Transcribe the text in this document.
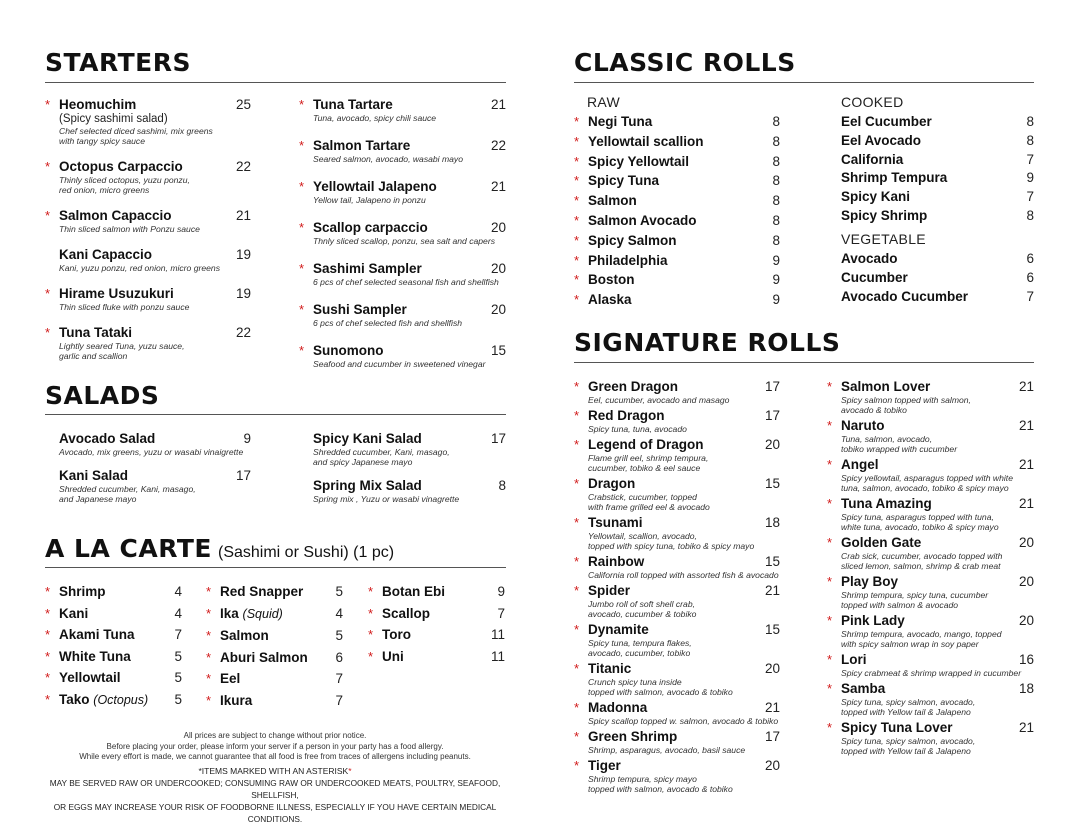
STARTERS
* Heomuchim	25
(Spicy sashimi salad)
Chef selected diced sashimi, mix greens
with tangy spicy sauce
* Octopus Carpaccio	22
Thinly sliced octopus, yuzu ponzu,
red onion, micro greens
* Salmon Capaccio	21
Thin sliced salmon with Ponzu sauce
Kani Capaccio	19
Kani, yuzu ponzu, red onion, micro greens
* Hirame Usuzukuri	19
Thin sliced fluke with ponzu sauce
* Tuna Tataki	22
Lightly seared Tuna, yuzu sauce,
garlic and scallion
* Tuna Tartare	21
Tuna, avocado, spicy chili sauce
* Salmon Tartare	22
Seared salmon, avocado, wasabi mayo
* Yellowtail Jalapeno	21
Yellow tail, Jalapeno in ponzu
* Scallop carpaccio	20
Thnly sliced scallop, ponzu, sea salt and capers
* Sashimi Sampler	20
6 pcs of chef selected seasonal fish and shellfish
* Sushi Sampler	20
6 pcs of chef selected fish and shellfish
* Sunomono	15
Seafood and cucumber in sweetened vinegar
SALADS
Avocado Salad	9
Avocado, mix greens, yuzu or wasabi vinaigrette
Kani Salad	17
Shredded cucumber, Kani, masago,
and Japanese mayo
Spicy Kani Salad	17
Shredded cucumber, Kani, masago,
and spicy Japanese mayo
Spring Mix Salad	8
Spring mix , Yuzu or wasabi vinagrette
A LA CARTE (Sashimi or Sushi) (1 pc)
* Shrimp	4
* Kani	4
* Akami Tuna	7
* White Tuna	5
* Yellowtail	5
* Tako (Octopus)	5
* Red Snapper	5
* Ika (Squid)	4
* Salmon	5
* Aburi Salmon	6
* Eel	7
* Ikura	7
* Botan Ebi	9
* Scallop	7
* Toro	11
* Uni	11
All prices are subject to change without prior notice.
Before placing your order, please inform your server if a person in your party has a food allergy.
While every effort is made, we cannot guarantee that all food is free from traces of allergens including peanuts.
*ITEMS MARKED WITH AN ASTERISK*
MAY BE SERVED RAW OR UNDERCOOKED; CONSUMING RAW OR UNDERCOOKED MEATS, POULTRY, SEAFOOD, SHELLFISH,
OR EGGS MAY INCREASE YOUR RISK OF FOODBORNE ILLNESS, ESPECIALLY IF YOU HAVE CERTAIN MEDICAL CONDITIONS.
CLASSIC ROLLS
RAW
* Negi Tuna	8
* Yellowtail scallion	8
* Spicy Yellowtail	8
* Spicy Tuna	8
* Salmon	8
* Salmon Avocado	8
* Spicy Salmon	8
* Philadelphia	9
* Boston	9
* Alaska	9
COOKED
Eel Cucumber	8
Eel Avocado	8
California	7
Shrimp Tempura	9
Spicy Kani	7
Spicy Shrimp	8
VEGETABLE
Avocado	6
Cucumber	6
Avocado Cucumber	7
SIGNATURE ROLLS
* Green Dragon	17
Eel, cucumber, avocado and masago
* Red Dragon	17
Spicy tuna, tuna, avocado
* Legend of Dragon	20
Flame grill eel, shrimp tempura,
cucumber, tobiko & eel sauce
* Dragon	15
Crabstick, cucumber, topped
with frame grilled eel & avocado
* Tsunami	18
Yellowtail, scallion, avocado,
topped with spicy tuna, tobiko & spicy mayo
* Rainbow	15
California roll topped with assorted fish & avocado
* Spider	21
Jumbo roll of soft shell crab,
avocado, cucumber & tobiko
* Dynamite	15
Spicy tuna, tempura flakes,
avocado, cucumber, tobiko
* Titanic	20
Crunch spicy tuna inside
topped with salmon, avocado & tobiko
* Madonna	21
Spicy scallop topped w. salmon, avocado & tobiko
* Green Shrimp	17
Shrimp, asparagus, avocado, basil sauce
* Tiger	20
Shrimp tempura, spicy mayo
topped with salmon, avocado & tobiko
* Salmon Lover	21
Spicy salmon topped with salmon,
avocado & tobiko
* Naruto	21
Tuna, salmon, avocado,
tobiko wrapped with cucumber
* Angel	21
Spicy yellowtail, asparagus topped with white
tuna, salmon, avocado, tobiko & spicy mayo
* Tuna Amazing	21
Spicy tuna, asparagus topped with tuna,
white tuna, avocado, tobiko & spicy mayo
* Golden Gate	20
Crab sick, cucumber, avocado topped with
sliced lemon, salmon, shrimp & crab meat
* Play Boy	20
Shrimp tempura, spicy tuna, cucumber
topped with salmon & avocado
* Pink Lady	20
Shrimp tempura, avocado, mango, topped
with spicy salmon wrap in soy paper
* Lori	16
Spicy crabmeat & shrimp wrapped in cucumber
* Samba	18
Spicy tuna, spicy salmon, avocado,
topped with Yellow tail & Jalapeno
* Spicy Tuna Lover	21
Spicy tuna, spicy salmon, avocado,
topped with Yellow tail & Jalapeno
